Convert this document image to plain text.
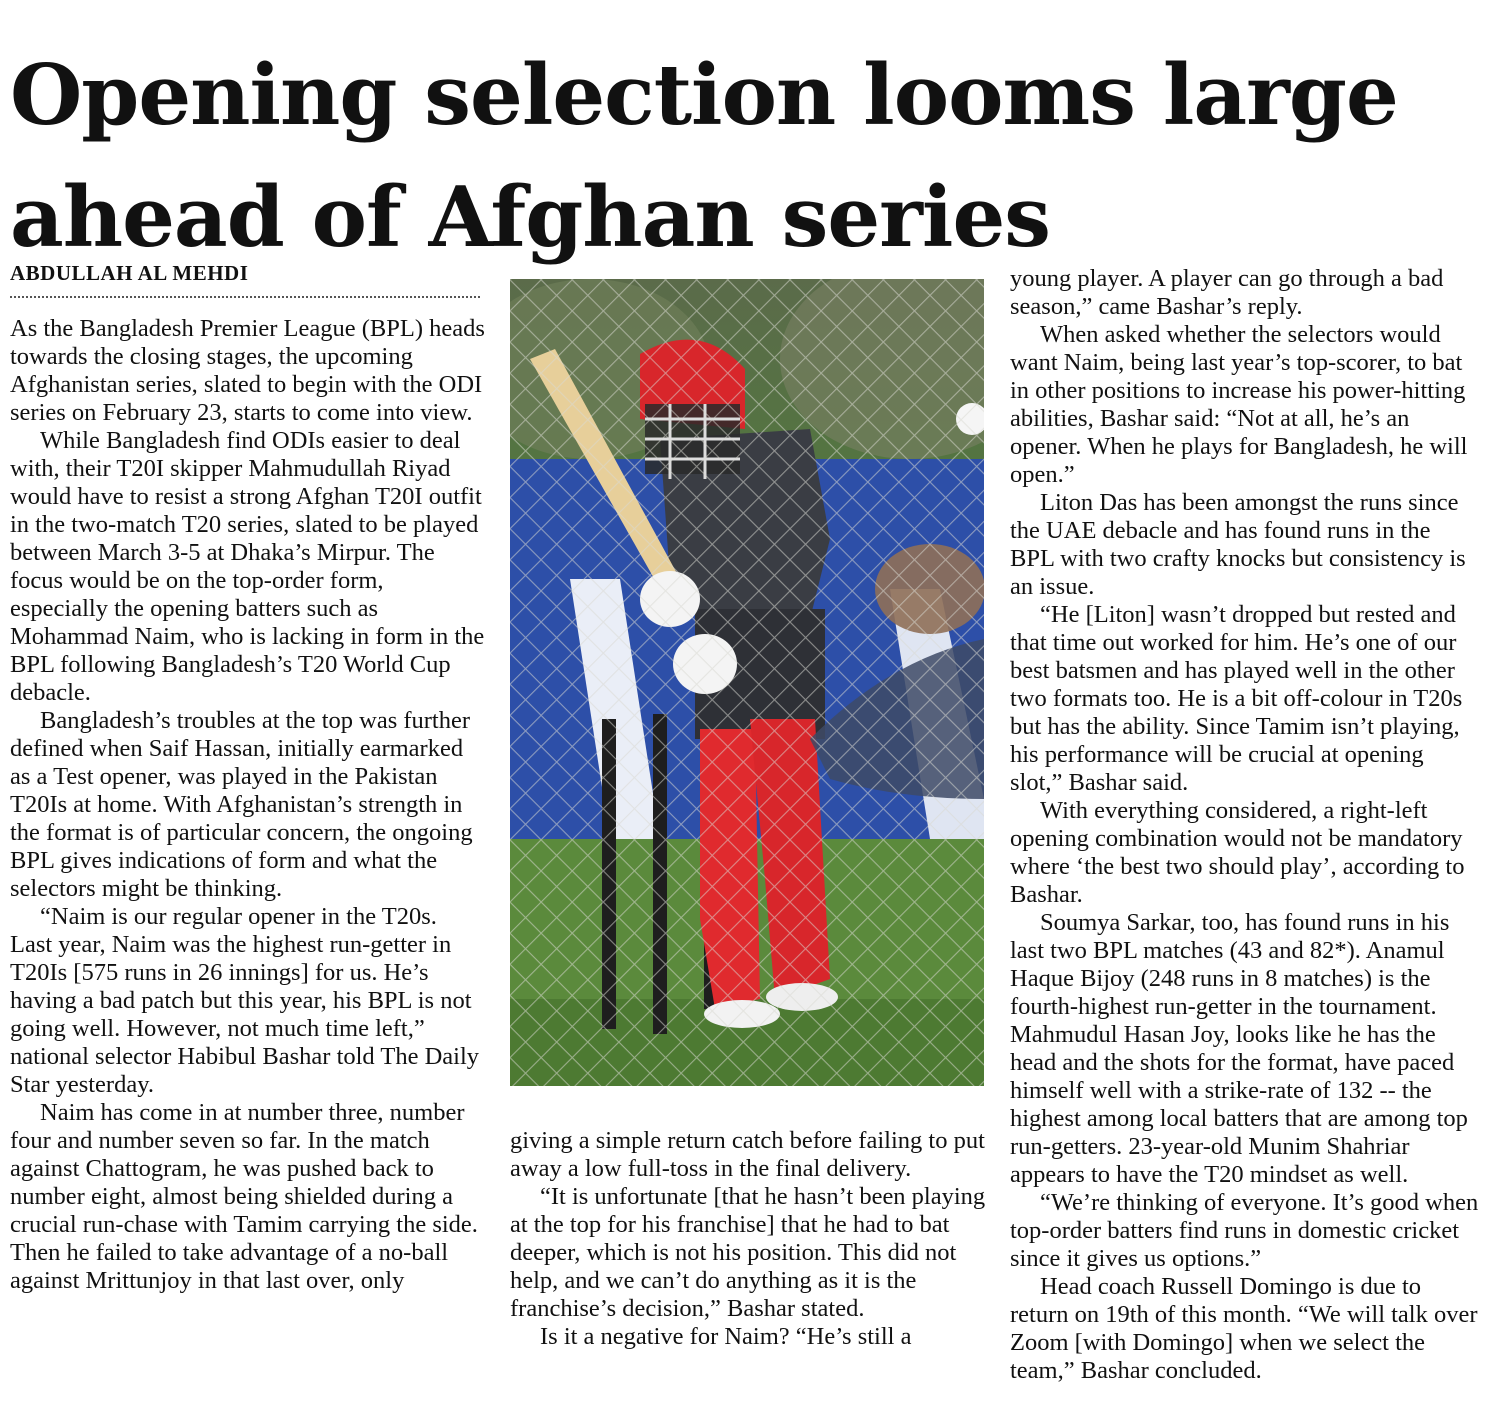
Opening selection looms large ahead of Afghan series
ABDULLAH AL MEHDI

As the Bangladesh Premier League (BPL) heads towards the closing stages, the upcoming Afghanistan series, slated to begin with the ODI series on February 23, starts to come into view.

While Bangladesh find ODIs easier to deal with, their T20I skipper Mahmudullah Riyad would have to resist a strong Afghan T20I outfit in the two-match T20 series, slated to be played between March 3-5 at Dhaka’s Mirpur. The focus would be on the top-order form, especially the opening batters such as Mohammad Naim, who is lacking in form in the BPL following Bangladesh’s T20 World Cup debacle.

Bangladesh’s troubles at the top was further defined when Saif Hassan, initially earmarked as a Test opener, was played in the Pakistan T20Is at home. With Afghanistan’s strength in the format is of particular concern, the ongoing BPL gives indications of form and what the selectors might be thinking.

“Naim is our regular opener in the T20s. Last year, Naim was the highest run-getter in T20Is [575 runs in 26 innings] for us. He’s having a bad patch but this year, his BPL is not going well. However, not much time left,” national selector Habibul Bashar told The Daily Star yesterday.

Naim has come in at number three, number four and number seven so far. In the match against Chattogram, he was pushed back to number eight, almost being shielded during a crucial run-chase with Tamim carrying the side. Then he failed to take advantage of a no-ball against Mrittunjoy in that last over, only

giving a simple return catch before failing to put away a low full-toss in the final delivery.

“It is unfortunate [that he hasn’t been playing at the top for his franchise] that he had to bat deeper, which is not his position. This did not help, and we can’t do anything as it is the franchise’s decision,” Bashar stated.

Is it a negative for Naim? “He’s still a

young player. A player can go through a bad season,” came Bashar’s reply.

When asked whether the selectors would want Naim, being last year’s top-scorer, to bat in other positions to increase his power-hitting abilities, Bashar said: “Not at all, he’s an opener. When he plays for Bangladesh, he will open.”

Liton Das has been amongst the runs since the UAE debacle and has found runs in the BPL with two crafty knocks but consistency is an issue.

“He [Liton] wasn’t dropped but rested and that time out worked for him. He’s one of our best batsmen and has played well in the other two formats too. He is a bit off-colour in T20s but has the ability. Since Tamim isn’t playing, his performance will be crucial at opening slot,” Bashar said.

With everything considered, a right-left opening combination would not be mandatory where ‘the best two should play’, according to Bashar.

Soumya Sarkar, too, has found runs in his last two BPL matches (43 and 82*). Anamul Haque Bijoy (248 runs in 8 matches) is the fourth-highest run-getter in the tournament. Mahmudul Hasan Joy, looks like he has the head and the shots for the format, have paced himself well with a strike-rate of 132 -- the highest among local batters that are among top run-getters. 23-year-old Munim Shahriar appears to have the T20 mindset as well.

“We’re thinking of everyone. It’s good when top-order batters find runs in domestic cricket since it gives us options.”

Head coach Russell Domingo is due to return on 19th of this month. “We will talk over Zoom [with Domingo] when we select the team,” Bashar concluded.
